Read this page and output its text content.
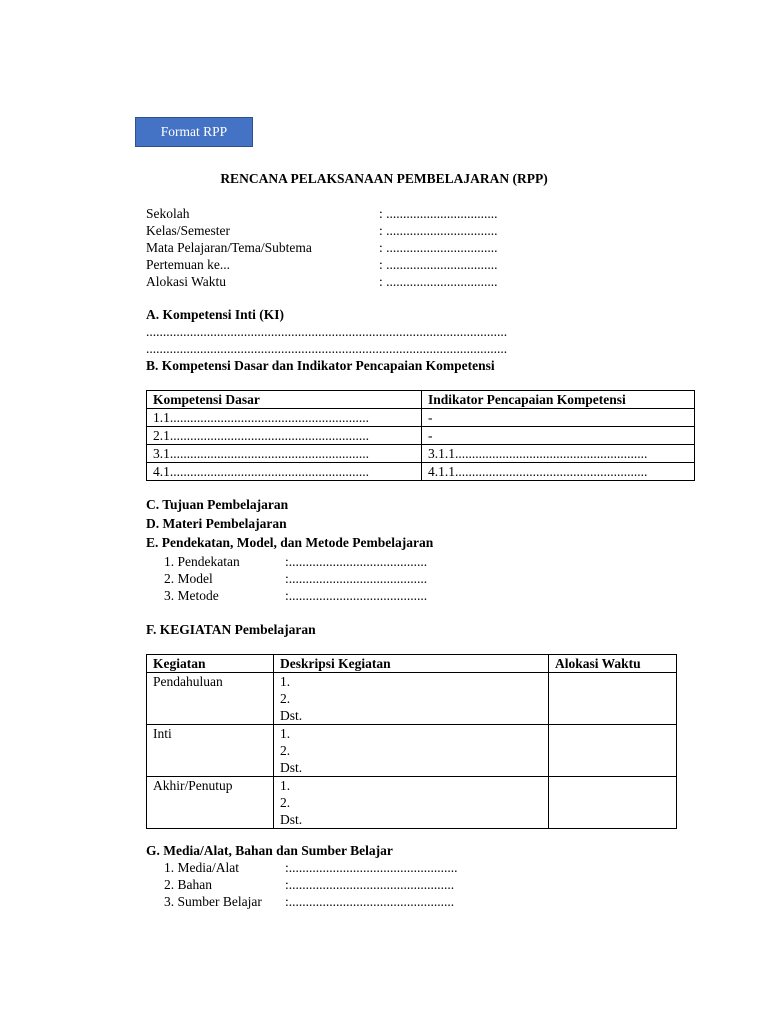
Format RPP
RENCANA PELAKSANAAN PEMBELAJARAN (RPP)
Sekolah	: .................................
Kelas/Semester	: .................................
Mata Pelajaran/Tema/Subtema	: .................................
Pertemuan ke...	: .................................
Alokasi Waktu	: .................................
A. Kompetensi Inti (KI)
...........................................................................................................
...........................................................................................................
B. Kompetensi Dasar dan Indikator Pencapaian Kompetensi
Kompetensi Dasar	Indikator Pencapaian Kompetensi
1.1...........................................................	-
2.1...........................................................	-
3.1...........................................................	3.1.1.........................................................
4.1...........................................................	4.1.1.........................................................
C. Tujuan Pembelajaran
D. Materi Pembelajaran
E. Pendekatan, Model, dan Metode Pembelajaran
1. Pendekatan	:.........................................
2. Model	:.........................................
3. Metode	:.........................................
F. KEGIATAN Pembelajaran
Kegiatan	Deskripsi Kegiatan	Alokasi Waktu
Pendahuluan	1.
2.
Dst.	

Inti	1.
2.
Dst.	

Akhir/Penutup	1.
2.
Dst.	

G. Media/Alat, Bahan dan Sumber Belajar
1. Media/Alat	:..................................................
2. Bahan	:.................................................
3. Sumber Belajar :.................................................
